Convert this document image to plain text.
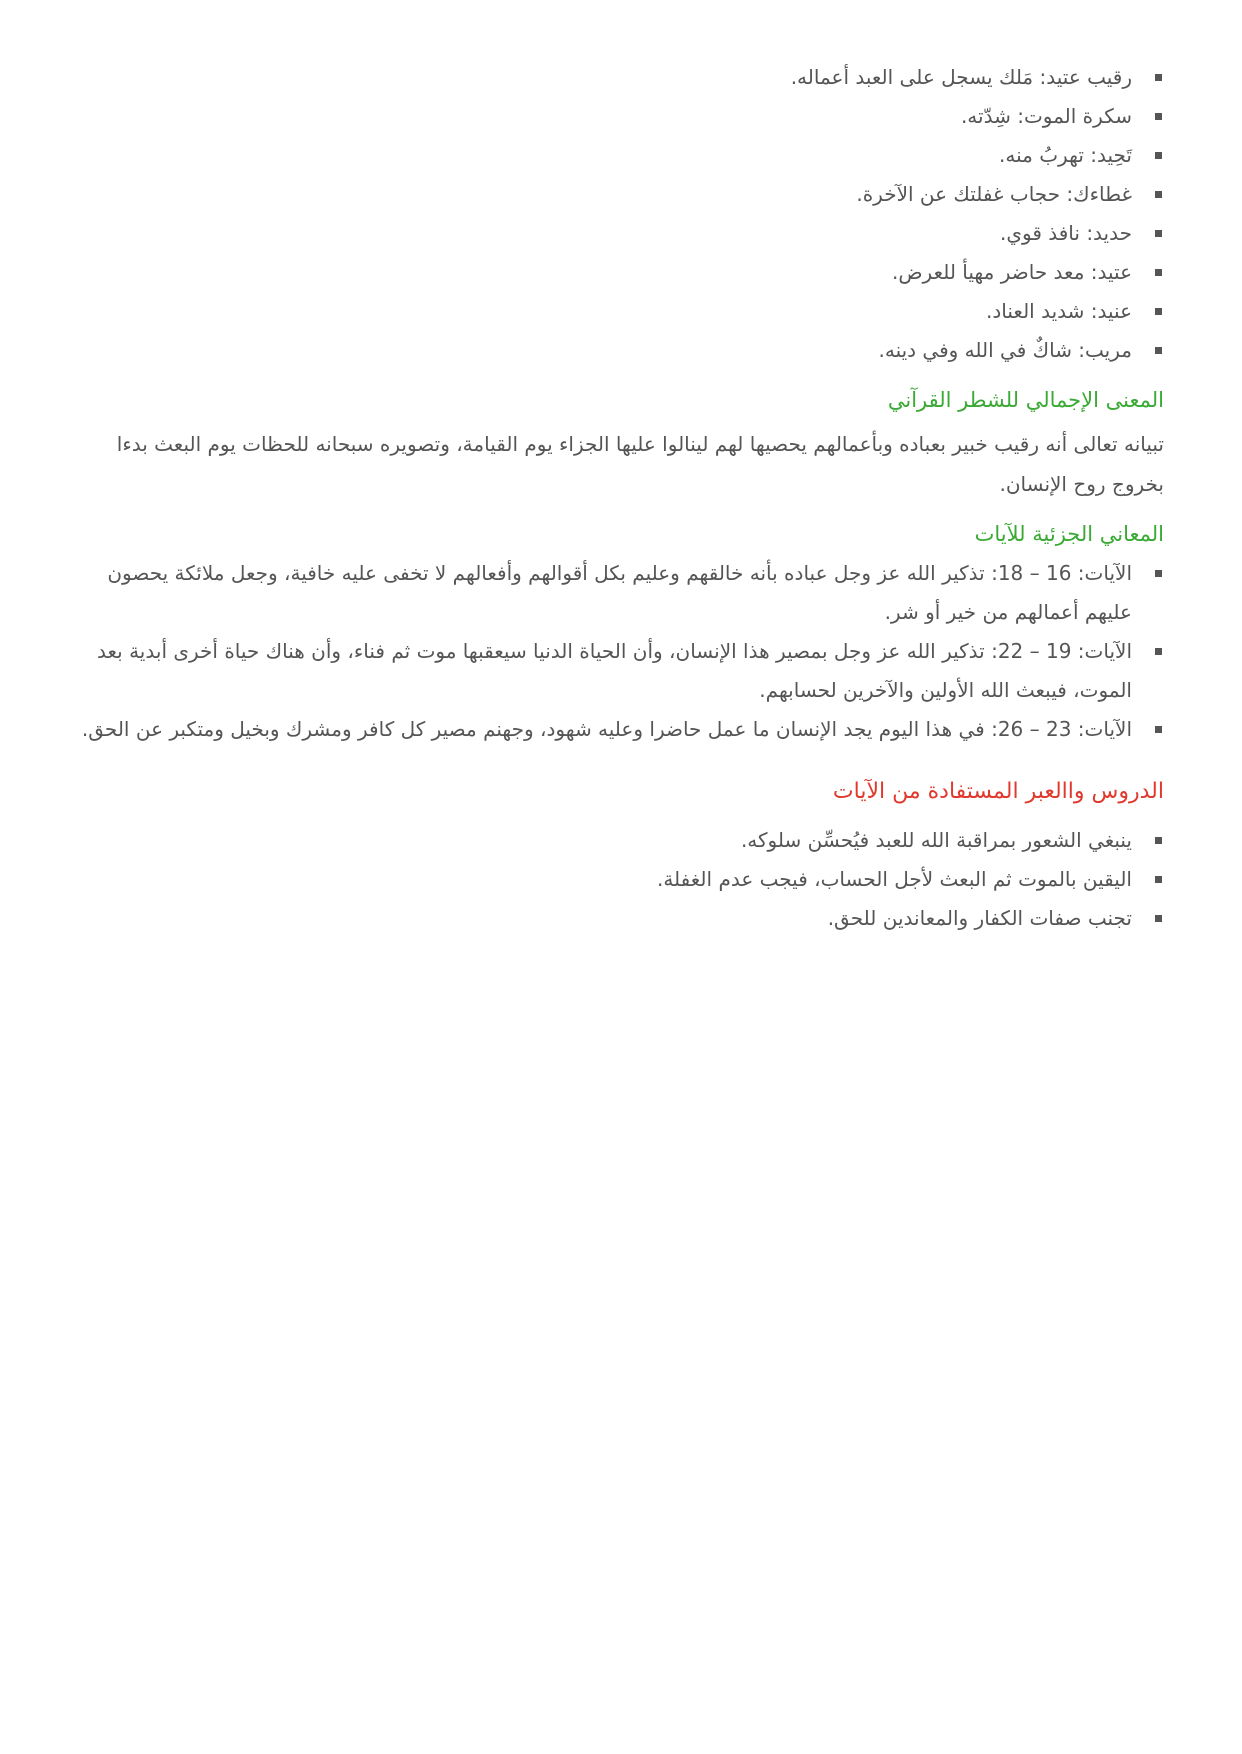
رقيب عتيد: مَلك يسجل على العبد أعماله.
سكرة الموت: شِدّته.
تَحِيد: تهربُ منه.
غطاءك: حجاب غفلتك عن الآخرة.
حديد: نافذ قوي.
عتيد: معد حاضر مهيأ للعرض.
عنيد: شديد العناد.
مريب: شاكٌ في الله وفي دينه.
المعنى الإجمالي للشطر القرآني

تبيانه تعالى أنه رقيب خبير بعباده وبأعمالهم يحصيها لهم لينالوا عليها الجزاء يوم القيامة، وتصويره سبحانه للحظات يوم البعث بدءا بخروج روح الإنسان.

المعاني الجزئية للآيات
الآيات: 16 – 18: تذكير الله عز وجل عباده بأنه خالقهم وعليم بكل أقوالهم وأفعالهم لا تخفى عليه خافية، وجعل ملائكة يحصون عليهم أعمالهم من خير أو شر.
الآيات: 19 – 22: تذكير الله عز وجل بمصير هذا الإنسان، وأن الحياة الدنيا سيعقبها موت ثم فناء، وأن هناك حياة أخرى أبدية بعد الموت، فيبعث الله الأولين والآخرين لحسابهم.
الآيات: 23 – 26: في هذا اليوم يجد الإنسان ما عمل حاضرا وعليه شهود، وجهنم مصير كل كافر ومشرك وبخيل ومتكبر عن الحق.
الدروس واالعبر المستفادة من الآيات
ينبغي الشعور بمراقبة الله للعبد فيُحسِّن سلوكه.
اليقين بالموت ثم البعث لأجل الحساب، فيجب عدم الغفلة.
تجنب صفات الكفار والمعاندين للحق.
